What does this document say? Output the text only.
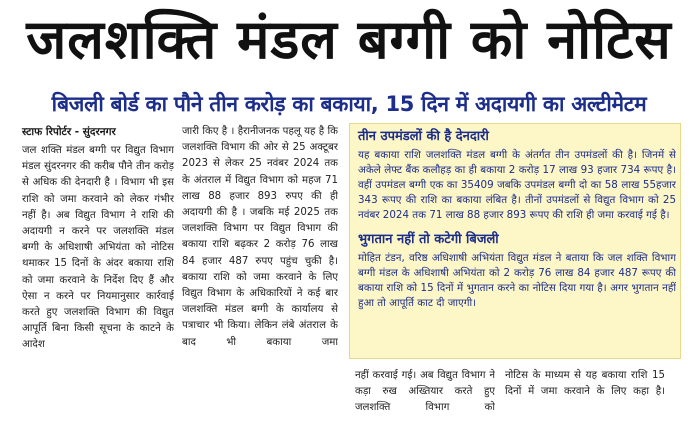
जलशक्ति मंडल बग्गी को नोटिस
बिजली बोर्ड का पौने तीन करोड़ का बकाया, 15 दिन में अदायगी का अल्टीमेटम
स्टाफ रिपोर्टर - सुंदरनगर
जल शक्ति मंडल बग्गी पर विद्युत विभाग मंडल सुंदरनगर की करीब पौने तीन करोड़ से अधिक की देनदारी है । विभाग भी इस राशि को जमा करवाने को लेकर गंभीर नहीं है। अब विद्युत विभाग ने राशि की अदायगी न करने पर जलशक्ति मंडल बग्गी के अधिशाषी अभियंता को नोटिस थमाकर 15 दिनों के अंदर बकाया राशि को जमा करवाने के निर्देश दिए हैं और ऐसा न करने पर नियमानुसार कार्रवाई करते हुए जलशक्ति विभाग की विद्युत आपूर्ति बिना किसी सूचना के काटने के आदेश
जारी किए है । हैरानीजनक पहलू यह है कि जलशक्ति विभाग की ओर से 25 अक्टूबर 2023 से लेकर 25 नवंबर 2024 तक के अंतराल में विद्युत विभाग को महज 71 लाख 88 हजार 893 रुपए की ही अदायगी की है । जबकि मई 2025 तक जलशक्ति विभाग पर विद्युत विभाग की बकाया राशि बढ़कर 2 करोड़ 76 लाख 84 हजार 487 रुपए पहुंच चुकी है। बकाया राशि को जमा करवाने के लिए विद्युत विभाग के अधिकारियों ने कई बार जलशक्ति मंडल बग्गी के कार्यालय से पत्राचार भी किया। लेकिन लंबे अंतराल के बाद भी बकाया जमा
तीन उपमंडलों की है देनदारी
यह बकाया राशि जलशक्ति मंडल बग्गी के अंतर्गत तीन उपमंडलों की है। जिनमें से अकेले लेफ्ट बैंक कलौहड़ का ही बकाया 2 करोड़ 17 लाख 93 हजार 734 रूपए है। वहीं उपमंडल बग्गी एक का 35409 जबकि उपमंडल बग्गी दो का 58 लाख 55हजार 343 रूपए की राशि का बकाया लंबित है। तीनों उपमंडलों से विद्युत विभाग को 25 नवंबर 2024 तक 71 लाख 88 हजार 893 रूपए की राशि ही जमा करवाई गई है।
भुगतान नहीं तो कटेगी बिजली
मोहित टंडन, वरिष्ठ अधिशाषी अभियंता विद्युत मंडल ने बताया कि जल शक्ति विभाग बग्गी मंडल के अधिशाषी अभियंता को 2 करोड़ 76 लाख 84 हजार 487 रूपए की बकाया राशि को 15 दिनों में भुगतान करने का नोटिस दिया गया है। अगर भुगतान नहीं हुआ तो आपूर्ति काट दी जाएगी।
नहीं करवाई गई। अब विद्युत विभाग ने कड़ा रुख अख्तियार करते हुए जलशक्ति विभाग को
नोटिस के माध्यम से यह बकाया राशि 15 दिनों में जमा करवाने के लिए कहा है।
